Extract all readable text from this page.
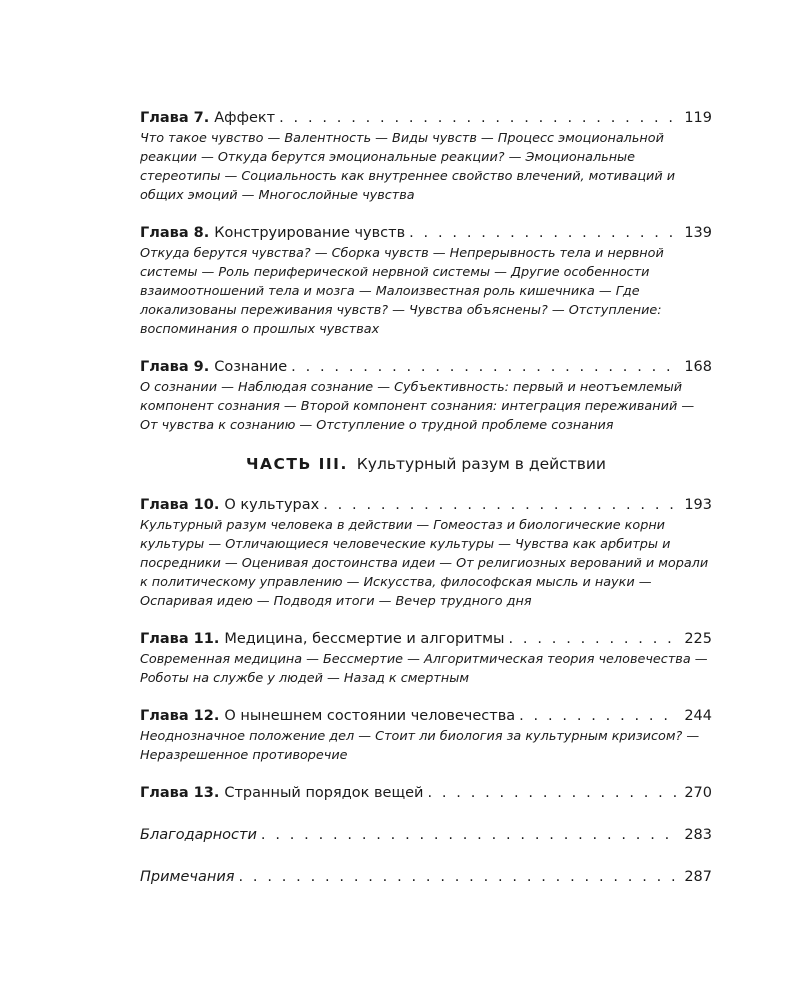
Глава 7. Аффект . . .	119
Что такое чувство — Валентность — Виды чувств — Процесс эмоциональной реакции — Откуда берутся эмоциональные реакции? — Эмоциональные стереотипы — Социальность как внутреннее свойство влечений, мотиваций и общих эмоций — Многослойные чувства
Глава 8. Конструирование чувств . . .	139
Откуда берутся чувства? — Сборка чувств — Непрерывность тела и нервной системы — Роль периферической нервной системы — Другие особенности взаимоотношений тела и мозга — Малоизвестная роль кишечника — Где локализованы переживания чувств? — Чувства объяснены? — Отступление: воспоминания о прошлых чувствах
Глава 9. Сознание . . .	168
О сознании — Наблюдая сознание — Субъективность: первый и неотъемлемый компонент сознания — Второй компонент сознания: интеграция переживаний — От чувства к сознанию — Отступление о трудной проблеме сознания
ЧАСТЬ III. Культурный разум в действии
Глава 10. О культурах . . .	193
Культурный разум человека в действии — Гомеостаз и биологические корни культуры — Отличающиеся человеческие культуры — Чувства как арбитры и посредники — Оценивая достоинства идеи — От религиозных верований и морали к политическому управлению — Искусства, философская мысль и науки — Оспаривая идею — Подводя итоги — Вечер трудного дня
Глава 11. Медицина, бессмертие и алгоритмы . . .	225
Современная медицина — Бессмертие — Алгоритмическая теория человечества — Роботы на службе у людей — Назад к смертным
Глава 12. О нынешнем состоянии человечества . . .	244
Неоднозначное положение дел — Стоит ли биология за культурным кризисом? — Неразрешенное противоречие
Глава 13. Странный порядок вещей . . .	270
Благодарности . . .	283
Примечания . . .	287
